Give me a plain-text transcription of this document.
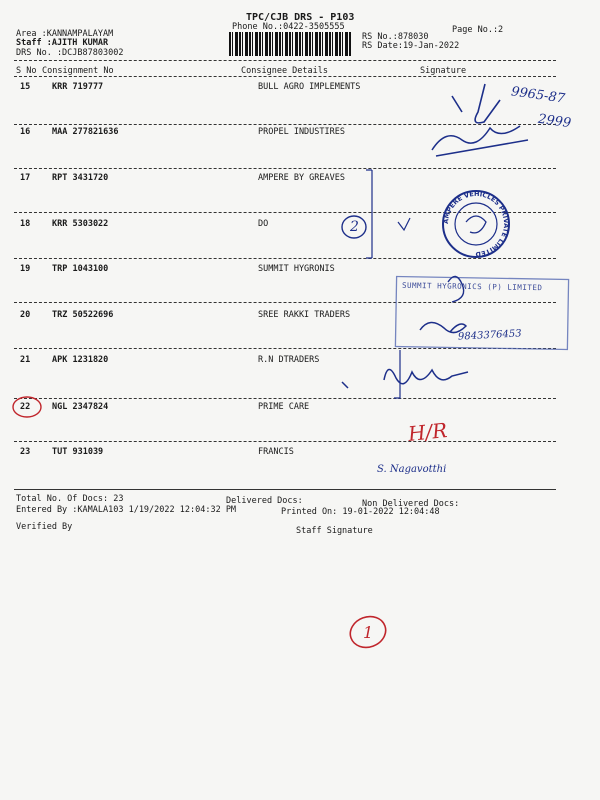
TPC/CJB DRS - P103
Phone No.:0422-3505555	Page No.:2
Area :KANNAMPALAYAM
Staff :AJITH KUMAR
DRS No. :DCJB87803002
RS No.:878030
RS Date:19-Jan-2022
S No Consignment No	Consignee Details	Signature
15	KRR 719777	BULL AGRO IMPLEMENTS
16	MAA 277821636	PROPEL INDUSTIRES
17	RPT 3431720	AMPERE BY GREAVES
18	KRR 5303022	DO
19	TRP 1043100	SUMMIT HYGRONIS
20	TRZ 50522696	SREE RAKKI TRADERS
21	APK 1231820	R.N DTRADERS
22	NGL 2347824	PRIME CARE
23	TUT 931039	FRANCIS
Total No. Of Docs: 23	Delivered Docs:	Non Delivered Docs:
Entered By :KAMALA103 1/19/2022 12:04:32 PM	Printed On: 19-01-2022 12:04:48
Verified By	Staff Signature
9965-87
2999
2
9843376453
H/R
S. Nagavotthi
1
SUMMIT HYGRONICS (P) LIMITED
AMPERE VEHICLES PRIVATE LIMITED
